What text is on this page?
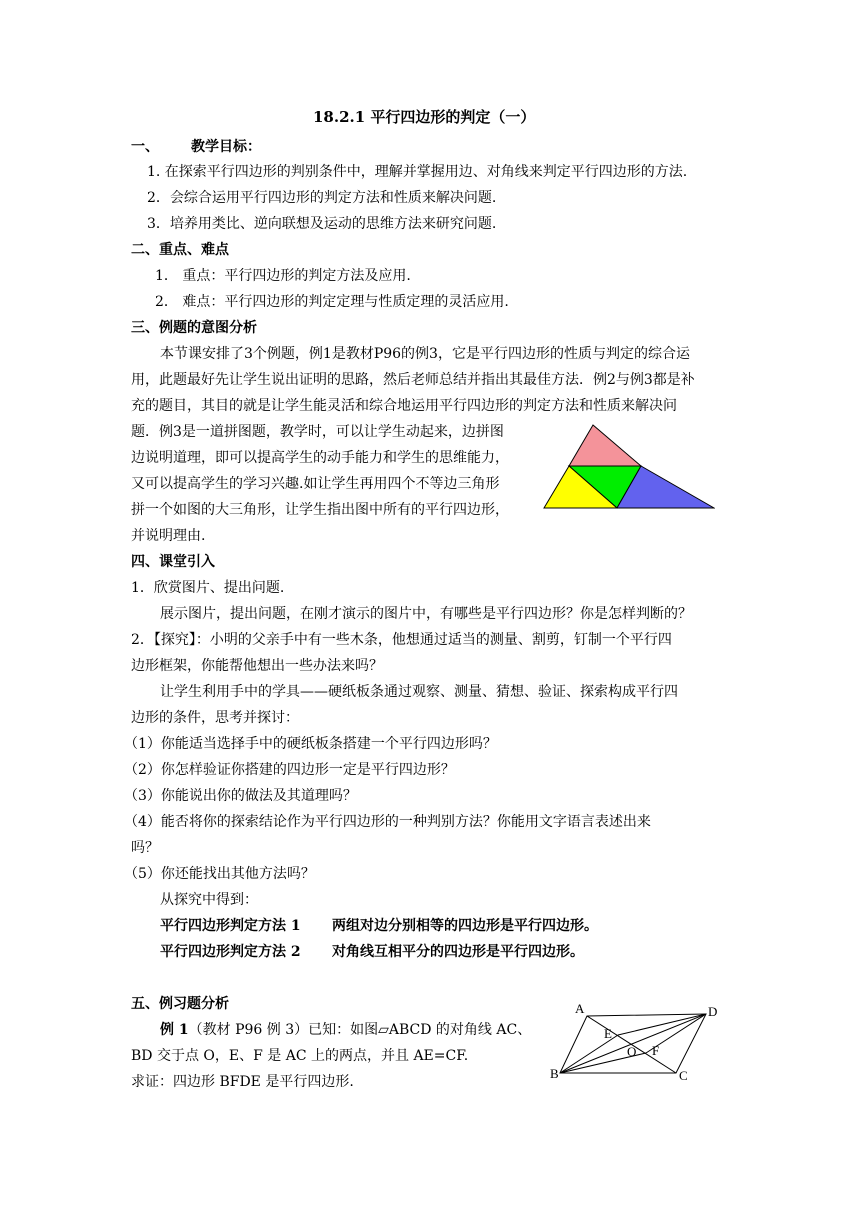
18.2.1 平行四边形的判定（一）
一、 教学目标：
1. 在探索平行四边形的判别条件中，理解并掌握用边、对角线来判定平行四边形的方法.
2．会综合运用平行四边形的判定方法和性质来解决问题.
3．培养用类比、逆向联想及运动的思维方法来研究问题.
二、重点、难点
1． 重点：平行四边形的判定方法及应用.
2． 难点：平行四边形的判定定理与性质定理的灵活应用.
三、例题的意图分析
本节课安排了3个例题，例1是教材P96的例3，它是平行四边形的性质与判定的综合运
用，此题最好先让学生说出证明的思路，然后老师总结并指出其最佳方法．例2与例3都是补
充的题目，其目的就是让学生能灵活和综合地运用平行四边形的判定方法和性质来解决问
题．例3是一道拼图题，教学时，可以让学生动起来，边拼图
边说明道理，即可以提高学生的动手能力和学生的思维能力，
又可以提高学生的学习兴趣.如让学生再用四个不等边三角形
拼一个如图的大三角形，让学生指出图中所有的平行四边形，
并说明理由.
四、课堂引入
1．欣赏图片、提出问题.
展示图片，提出问题，在刚才演示的图片中，有哪些是平行四边形？你是怎样判断的？
2．【探究】：小明的父亲手中有一些木条，他想通过适当的测量、割剪，钉制一个平行四
边形框架，你能帮他想出一些办法来吗？
让学生利用手中的学具——硬纸板条通过观察、测量、猜想、验证、探索构成平行四
边形的条件，思考并探讨：
（1）你能适当选择手中的硬纸板条搭建一个平行四边形吗？
（2）你怎样验证你搭建的四边形一定是平行四边形？
（3）你能说出你的做法及其道理吗？
（4）能否将你的探索结论作为平行四边形的一种判别方法？你能用文字语言表述出来
吗？
（5）你还能找出其他方法吗？
从探究中得到：
平行四边形判定方法 1 两组对边分别相等的四边形是平行四边形。
平行四边形判定方法 2 对角线互相平分的四边形是平行四边形。
五、例习题分析
例 1（教材 P96 例 3）已知：如图▱ABCD 的对角线 AC、
BD 交于点 O，E、F 是 AC 上的两点，并且 AE=CF.
求证：四边形 BFDE 是平行四边形.
A	D
E
O F
B	C
